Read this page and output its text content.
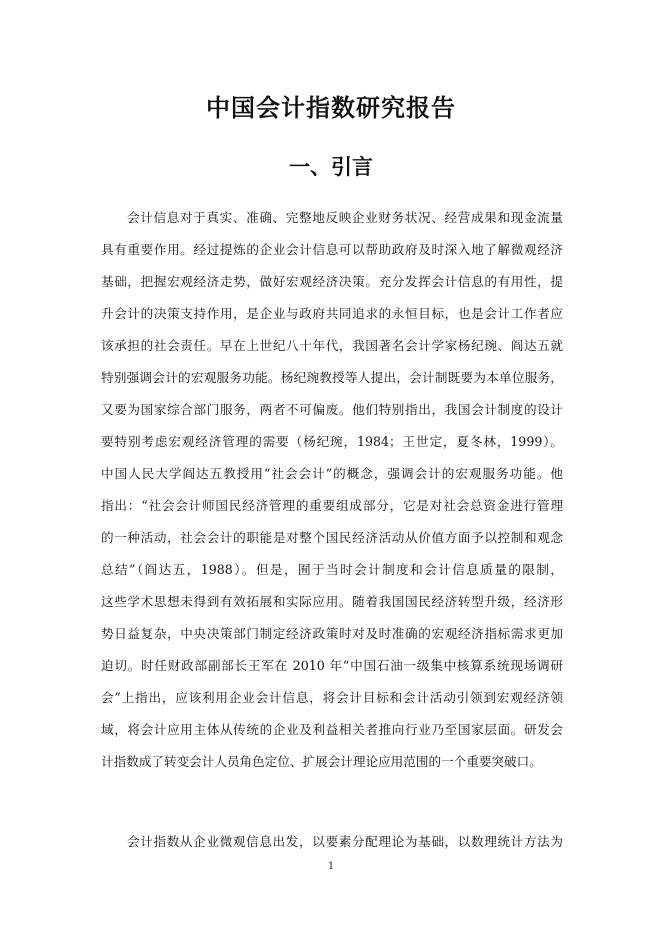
中国会计指数研究报告
一、引言
会计信息对于真实、准确、完整地反映企业财务状况、经营成果和现金流量
具有重要作用。经过提炼的企业会计信息可以帮助政府及时深入地了解微观经济
基础，把握宏观经济走势，做好宏观经济决策。充分发挥会计信息的有用性，提
升会计的决策支持作用，是企业与政府共同追求的永恒目标，也是会计工作者应
该承担的社会责任。早在上世纪八十年代，我国著名会计学家杨纪琬、阎达五就
特别强调会计的宏观服务功能。杨纪琬教授等人提出，会计制既要为本单位服务，
又要为国家综合部门服务，两者不可偏废。他们特别指出，我国会计制度的设计
要特别考虑宏观经济管理的需要（杨纪琬，1984；王世定，夏冬林，1999）。
中国人民大学阎达五教授用“社会会计”的概念，强调会计的宏观服务功能。他
指出：“社会会计师国民经济管理的重要组成部分，它是对社会总资金进行管理
的一种活动，社会会计的职能是对整个国民经济活动从价值方面予以控制和观念
总结”（阎达五，1988）。但是，囿于当时会计制度和会计信息质量的限制，
这些学术思想未得到有效拓展和实际应用。随着我国国民经济转型升级，经济形
势日益复杂，中央决策部门制定经济政策时对及时准确的宏观经济指标需求更加
迫切。时任财政部副部长王军在 2010 年“中国石油一级集中核算系统现场调研
会”上指出，应该利用企业会计信息，将会计目标和会计活动引领到宏观经济领
域，将会计应用主体从传统的企业及利益相关者推向行业乃至国家层面。研发会
计指数成了转变会计人员角色定位、扩展会计理论应用范围的一个重要突破口。
会计指数从企业微观信息出发，以要素分配理论为基础，以数理统计方法为
1
